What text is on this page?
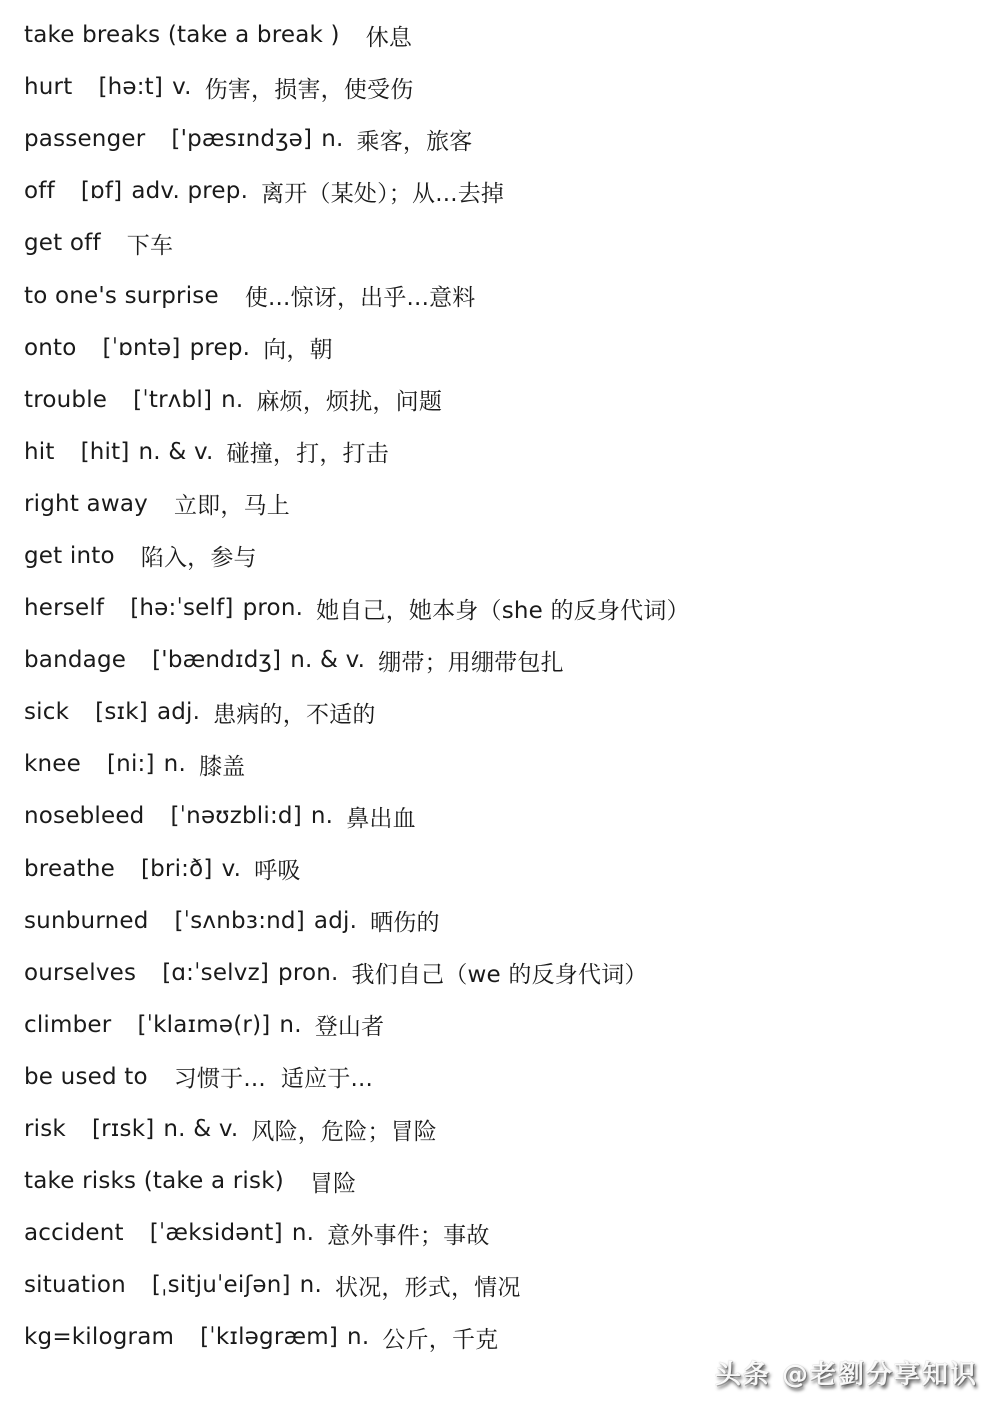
take breaks (take a break ) 休息
hurt [hə:t] v. 伤害，损害，使受伤
passenger ['pæsɪndʒə] n. 乘客，旅客
off [ɒf] adv. prep. 离开（某处）；从...去掉
get off 下车
to one's surprise 使...惊讶，出乎...意料
onto [ˈɒntə] prep. 向，朝
trouble [ˈtrʌbl] n. 麻烦，烦扰，问题
hit [hit] n. & v. 碰撞，打，打击
right away 立即，马上
get into 陷入，参与
herself [hə:ˈself] pron. 她自己，她本身（she 的反身代词）
bandage ['bændɪdʒ] n. & v. 绷带；用绷带包扎
sick [sɪk] adj. 患病的，不适的
knee [ni:] n. 膝盖
nosebleed [ˈnəʊzbli:d] n. 鼻出血
breathe [bri:ð] v. 呼吸
sunburned [ˈsʌnbɜ:nd] adj. 晒伤的
ourselves [ɑ:ˈselvz] pron. 我们自己（we 的反身代词）
climber [ˈklaɪmə(r)] n. 登山者
be used to 习惯于...  适应于...
risk [rɪsk] n. & v. 风险，危险；冒险
take risks (take a risk) 冒险
accident [ˈæksidənt] n. 意外事件；事故
situation [ˌsitjuˈeiʃən] n. 状况，形式，情况
kg=kilogram [ˈkɪləgræm] n. 公斤，千克
头条 @老劉分享知识
